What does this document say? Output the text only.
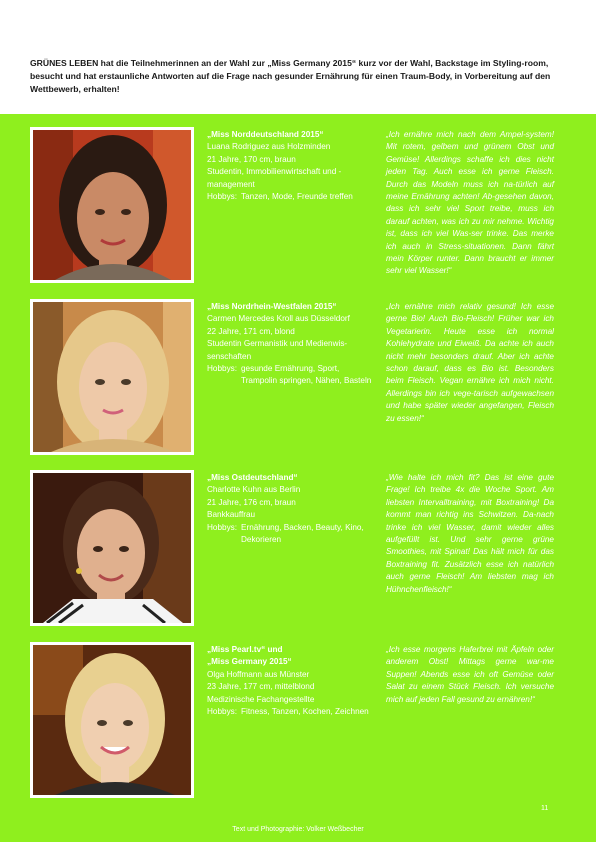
GRÜNES LEBEN hat die Teilnehmerinnen an der Wahl zur „Miss Germany 2015“ kurz vor der Wahl, Backstage im Styling-room, besucht und hat erstaunliche Antworten auf die Frage nach gesunder Ernährung für einen Traum-Body, in Vorbereitung auf den Wettbewerb, erhalten!
„Miss Norddeutschland 2015“
Luana Rodriguez aus Holzminden
21 Jahre, 170 cm, braun
Studentin, Immobilienwirtschaft und -management
Hobbys: Tanzen, Mode, Freunde treffen
„Ich ernähre mich nach dem Ampel-system! Mit rotem, gelbem und grünem Obst und Gemüse! Allerdings schaffe ich dies nicht jeden Tag. Auch esse ich gerne Fleisch. Durch das Modeln muss ich na-türlich auf meine Ernährung achten! Ab-gesehen davon, dass ich sehr viel Sport treibe, muss ich darauf achten, was ich zu mir nehme. Wichtig ist, dass ich viel Was-ser trinke. Das merke ich auch in Stress-situationen. Dann fährt mein Körper runter. Dann braucht er immer sehr viel Wasser!“
„Miss Nordrhein-Westfalen 2015“
Carmen Mercedes Kroll aus Düsseldorf
22 Jahre, 171 cm, blond
Studentin Germanistik und Medienwis-senschaften
Hobbys: gesunde Ernährung, Sport, Trampolin springen, Nähen, Basteln
„Ich ernähre mich relativ gesund! Ich esse gerne Bio! Auch Bio-Fleisch! Früher war ich Vegetarierin. Heute esse ich normal Kohlehydrate und Eiweiß. Da achte ich auch nicht mehr besonders drauf. Aber ich achte schon darauf, dass es Bio ist. Besonders beim Fleisch. Vegan ernähre ich mich nicht. Allerdings bin ich vege-tarisch aufgewachsen und habe später wieder angefangen, Fleisch zu essen!“
„Miss Ostdeutschland“
Charlotte Kuhn aus Berlin
21 Jahre, 176 cm, braun
Bankkauffrau
Hobbys: Ernährung, Backen, Beauty, Kino, Dekorieren
„Wie halte ich mich fit? Das ist eine gute Frage! Ich treibe 4x die Woche Sport. Am liebsten Intervalltraining, mit Boxtraining! Da kommt man richtig ins Schwitzen. Da-nach trinke ich viel Wasser, damit wieder alles aufgefüllt ist. Und sehr gerne grüne Smoothies, mit Spinat! Das hält mich für das Boxtraining fit. Zusätzlich esse ich natürlich auch gerne Fleisch! Am liebsten mag ich Hühnchenfleisch!“
„Miss Pearl.tv“ und
„Miss Germany 2015“
Olga Hoffmann aus Münster
23 Jahre, 177 cm, mittelblond
Medizinische Fachangestellte
Hobbys: Fitness, Tanzen, Kochen, Zeichnen
„Ich esse morgens Haferbrei mit Äpfeln oder anderem Obst! Mittags gerne war-me Suppen! Abends esse ich oft Gemüse oder Salat zu einem Stück Fleisch. Ich versuche mich auf jeden Fall gesund zu ernähren!“
11
Text und Photographie: Volker Weßbecher
